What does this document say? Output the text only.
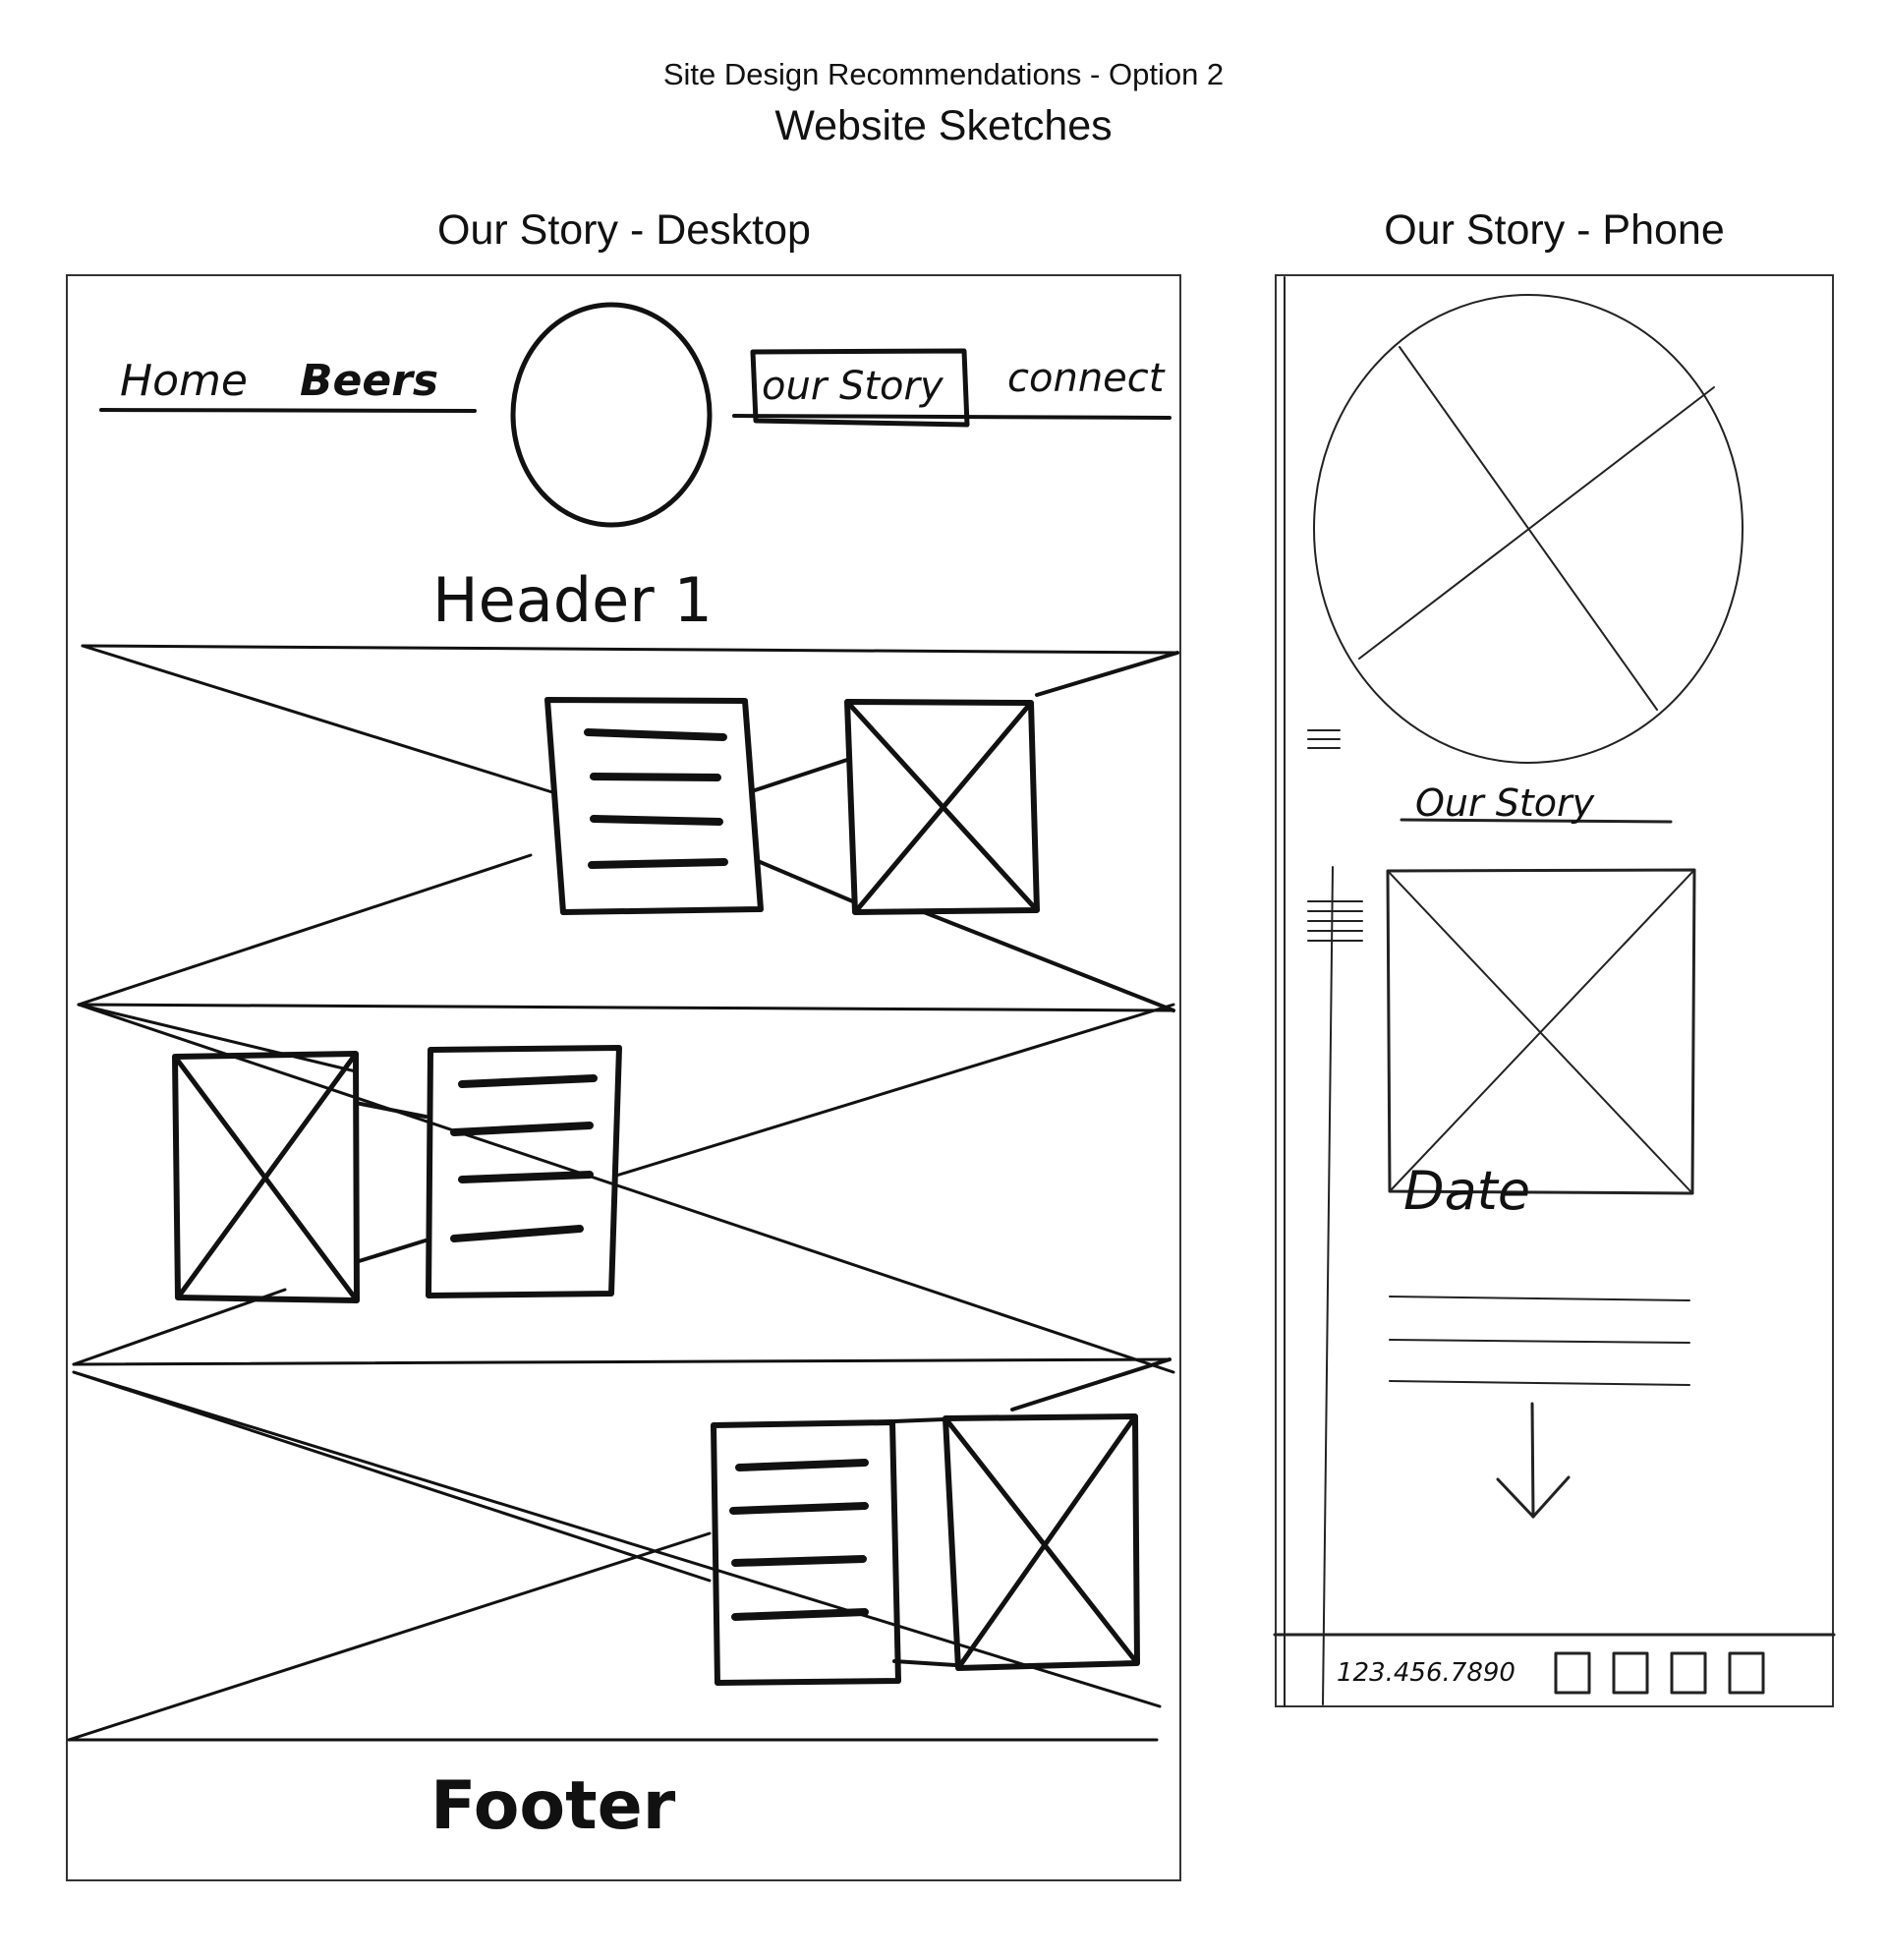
Site Design Recommendations - Option 2
Website Sketches
Our Story - Desktop	Our Story - Phone
Home Beers	our Story connect
Header 1
Footer
Our Story
Date
123.456.7890
